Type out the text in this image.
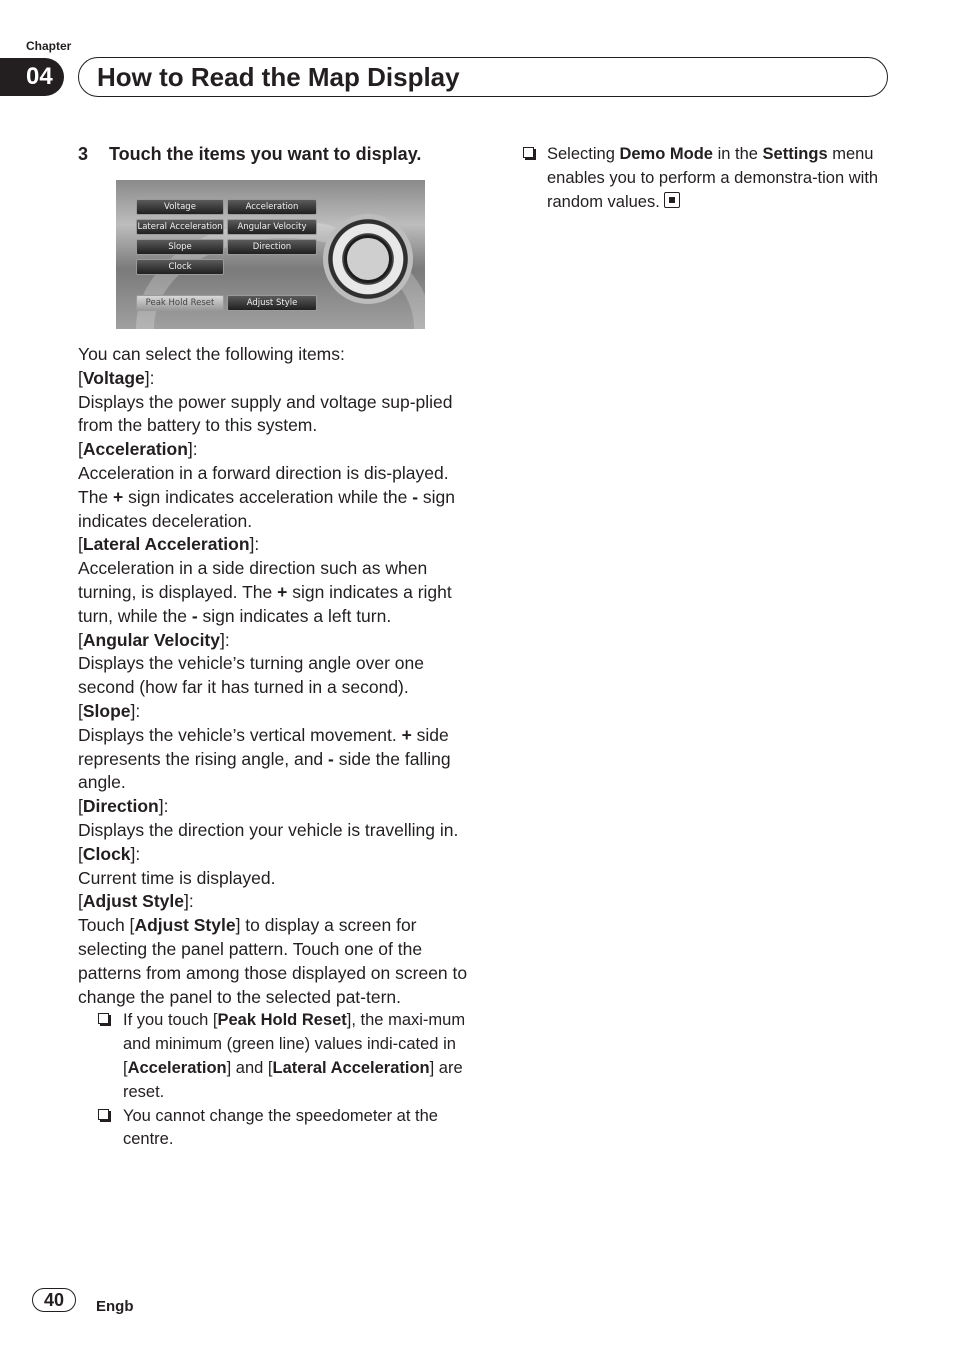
Chapter
04	How to Read the Map Display
3 Touch the items you want to display.
Voltage	Acceleration
Lateral Acceleration	Angular Velocity
Slope	Direction
Clock
Peak Hold Reset	Adjust Style

You can select the following items:

[Voltage]:

Displays the power supply and voltage sup-plied from the battery to this system.

[Acceleration]:

Acceleration in a forward direction is dis-played. The + sign indicates acceleration while the - sign indicates deceleration.

[Lateral Acceleration]:

Acceleration in a side direction such as when turning, is displayed. The + sign indicates a right turn, while the - sign indicates a left turn.

[Angular Velocity]:

Displays the vehicle’s turning angle over one second (how far it has turned in a second).

[Slope]:

Displays the vehicle’s vertical movement. + side represents the rising angle, and - side the falling angle.

[Direction]:

Displays the direction your vehicle is travelling in.

[Clock]:

Current time is displayed.

[Adjust Style]:

Touch [Adjust Style] to display a screen for selecting the panel pattern. Touch one of the patterns from among those displayed on screen to change the panel to the selected pat-tern.

If you touch [Peak Hold Reset], the maxi-mum and minimum (green line) values indi-cated in [Acceleration] and [Lateral Acceleration] are reset.
You cannot change the speedometer at the centre.
Selecting Demo Mode in the Settings menu enables you to perform a demonstra-tion with random values.
40	Engb
